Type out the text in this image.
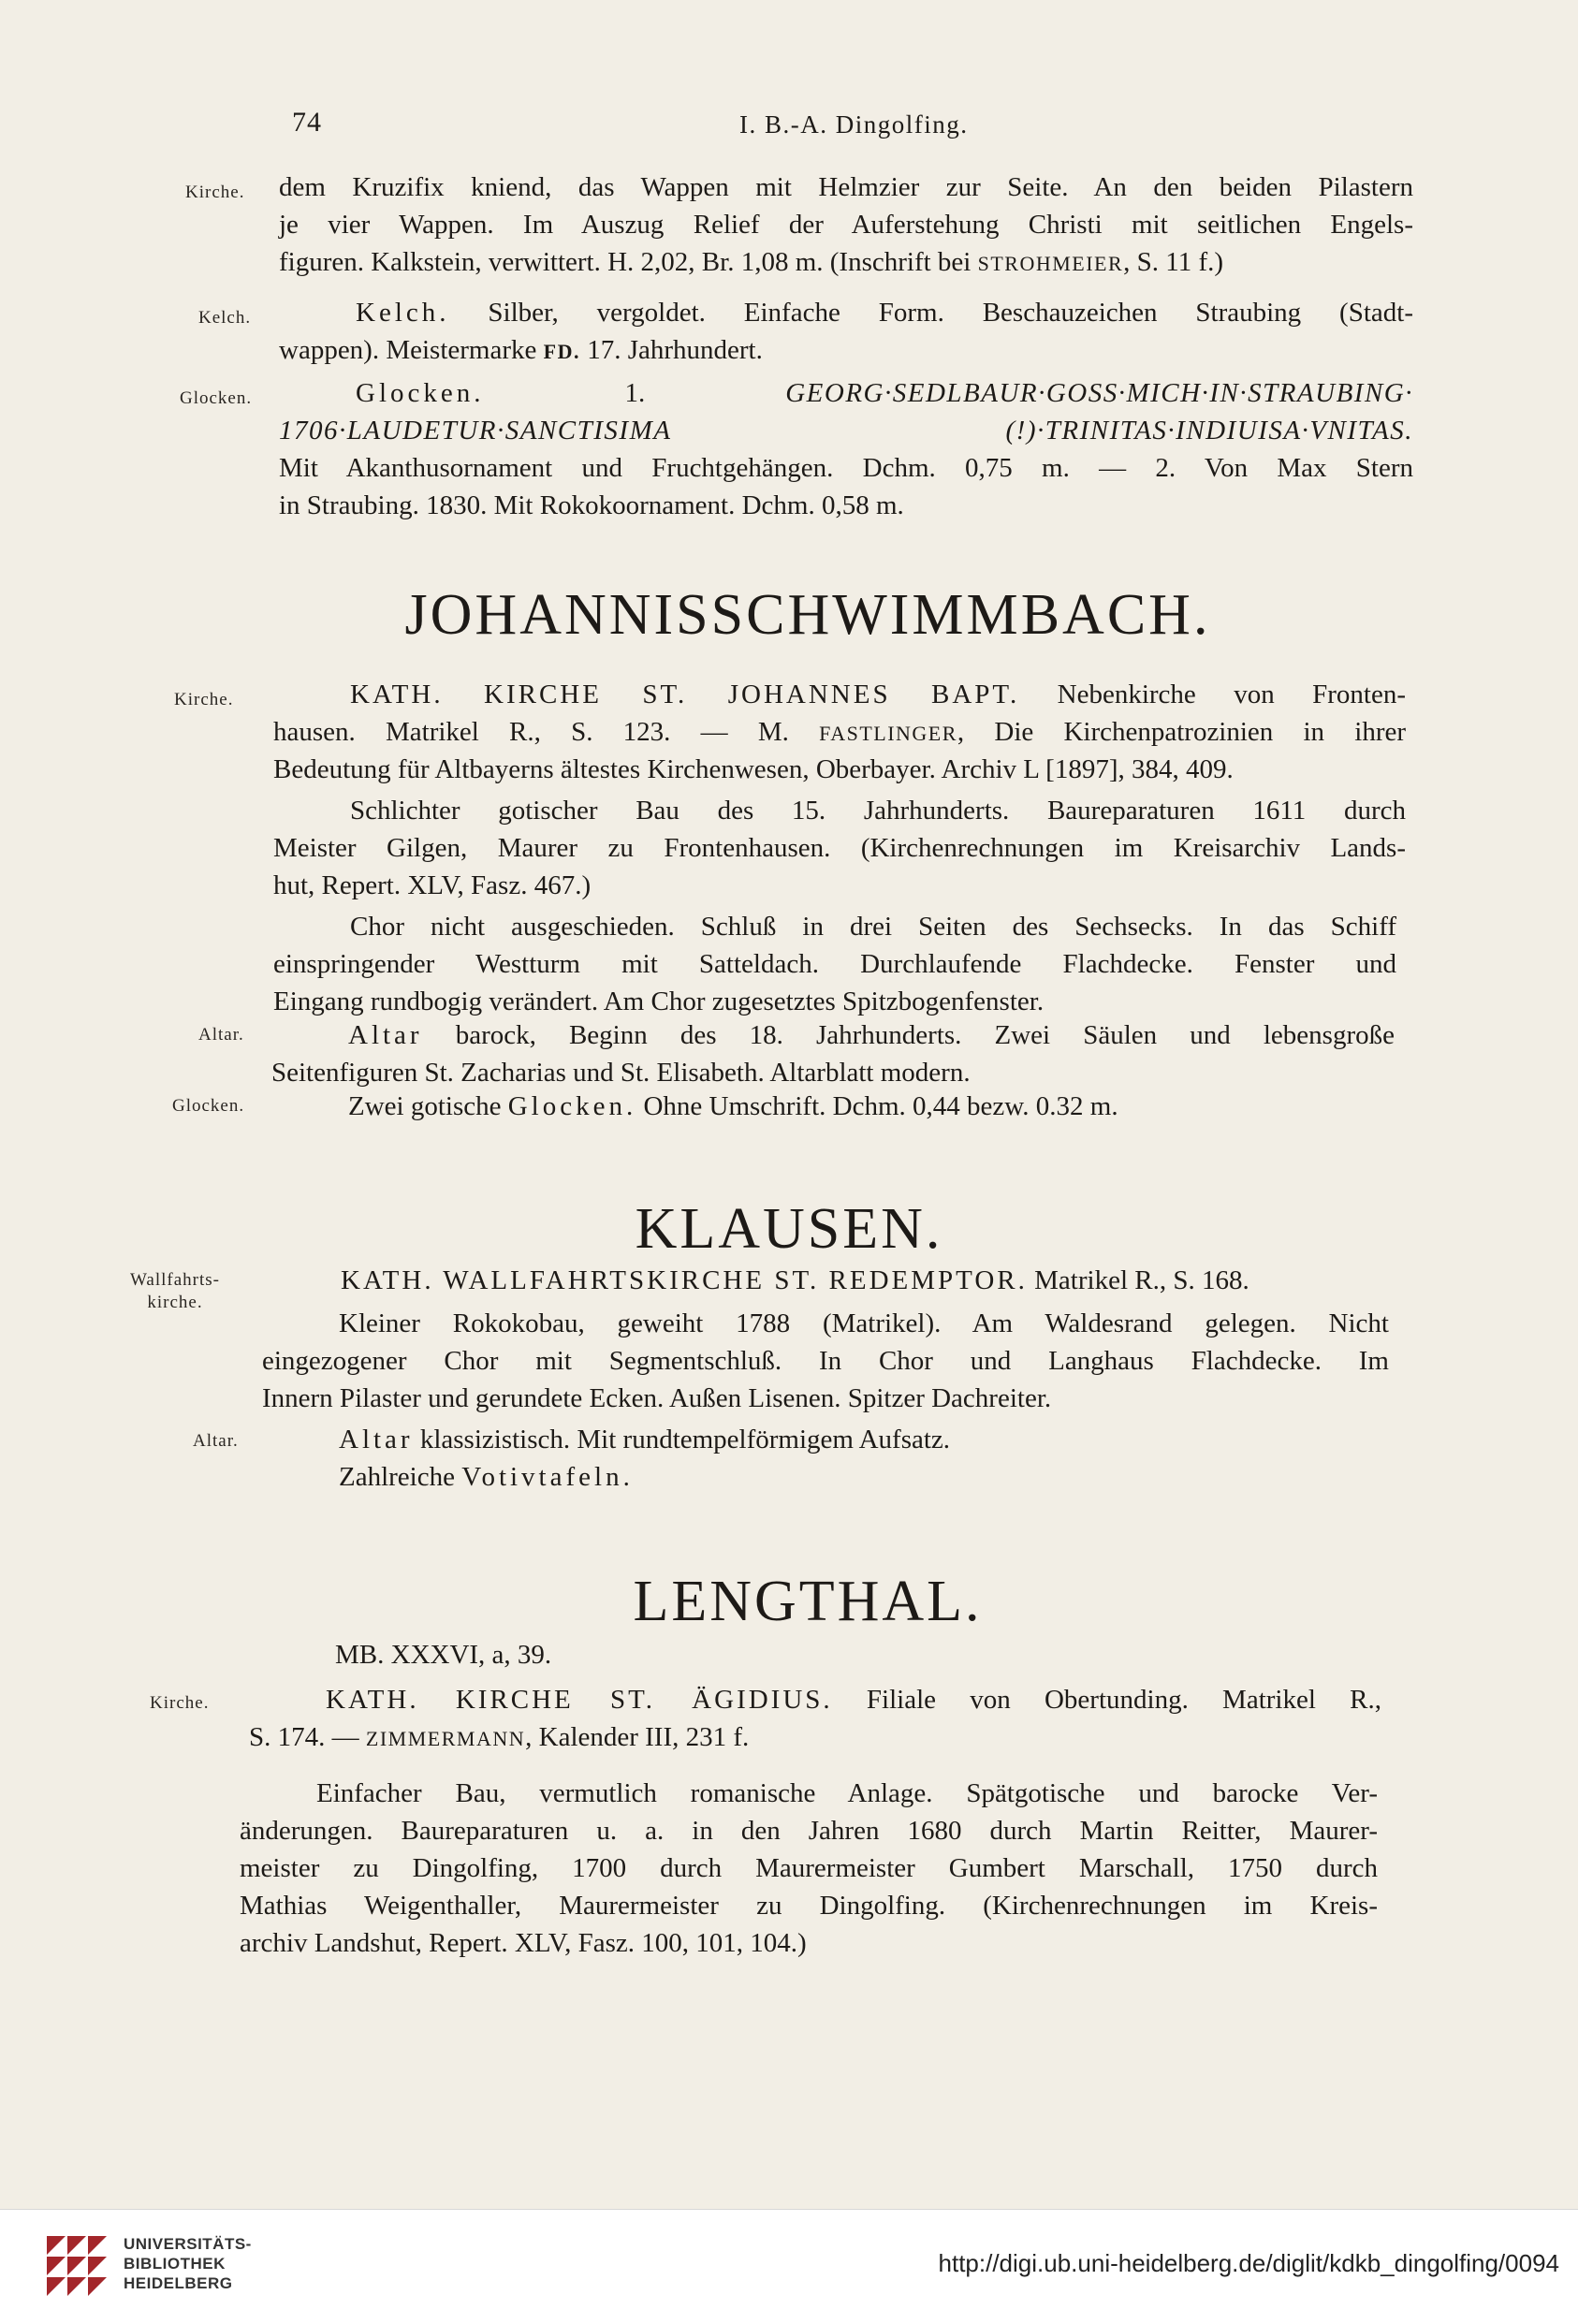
74	I. B.-A. Dingolfing.
Kirche. dem Kruzifix kniend, das Wappen mit Helmzier zur Seite. An den beiden Pilastern
je vier Wappen. Im Auszug Relief der Auferstehung Christi mit seitlichen Engels-
figuren. Kalkstein, verwittert. H. 2,02, Br. 1,08 m. (Inschrift bei STROHMEIER, S. 11 f.)
Kelch.	Kelch. Silber, vergoldet. Einfache Form. Beschauzeichen Straubing (Stadt-
wappen). Meistermarke FD. 17. Jahrhundert.
Glocken.	Glocken. 1.	GEORG·SEDLBAUR·GOSS·MICH·IN·STRAUBING·
1706·LAUDETUR·SANCTISIMA (!)·TRINITAS·INDIUISA·VNITAS.
Mit Akanthusornament und Fruchtgehängen. Dchm. 0,75 m. — 2. Von Max Stern
in Straubing. 1830. Mit Rokokoornament. Dchm. 0,58 m.
JOHANNISSCHWIMMBACH.
Kirche.	KATH. KIRCHE ST. JOHANNES BAPT. Nebenkirche von Fronten-
hausen. Matrikel R., S. 123. — M. FASTLINGER, Die Kirchenpatrozinien in ihrer
Bedeutung für Altbayerns ältestes Kirchenwesen, Oberbayer. Archiv L [1897], 384, 409.
Schlichter gotischer Bau des 15. Jahrhunderts. Baureparaturen 1611 durch
Meister Gilgen, Maurer zu Frontenhausen. (Kirchenrechnungen im Kreisarchiv Lands-
hut, Repert. XLV, Fasz. 467.)
Chor nicht ausgeschieden. Schluß in drei Seiten des Sechsecks. In das Schiff
einspringender Westturm mit Satteldach. Durchlaufende Flachdecke. Fenster und
Eingang rundbogig verändert. Am Chor zugesetztes Spitzbogenfenster.
Altar.	Altar barock, Beginn des 18. Jahrhunderts. Zwei Säulen und lebensgroße
Seitenfiguren St. Zacharias und St. Elisabeth. Altarblatt modern.
Glocken.	Zwei gotische Glocken. Ohne Umschrift. Dchm. 0,44 bezw. 0.32 m.
KLAUSEN.
Wallfahrts-
kirche.
KATH. WALLFAHRTSKIRCHE ST. REDEMPTOR. Matrikel R., S. 168.
Kleiner Rokokobau, geweiht 1788 (Matrikel). Am Waldesrand gelegen. Nicht
eingezogener Chor mit Segmentschluß. In Chor und Langhaus Flachdecke. Im
Innern Pilaster und gerundete Ecken. Außen Lisenen. Spitzer Dachreiter.
Altar.	Altar klassizistisch. Mit rundtempelförmigem Aufsatz.
Zahlreiche Votivtafeln.
LENGTHAL.
MB. XXXVI, a, 39.
Kirche.	KATH. KIRCHE ST. ÄGIDIUS. Filiale von Obertunding. Matrikel R.,
S. 174. — ZIMMERMANN, Kalender III, 231 f.
Einfacher Bau, vermutlich romanische Anlage. Spätgotische und barocke Ver-
änderungen. Baureparaturen u. a. in den Jahren 1680 durch Martin Reitter, Maurer-
meister zu Dingolfing, 1700 durch Maurermeister Gumbert Marschall, 1750 durch
Mathias Weigenthaller, Maurermeister zu Dingolfing. (Kirchenrechnungen im Kreis-
archiv Landshut, Repert. XLV, Fasz. 100, 101, 104.)
UNIVERSITÄTS-
BIBLIOTHEK
HEIDELBERG
http://digi.ub.uni-heidelberg.de/diglit/kdkb_dingolfing/0094
